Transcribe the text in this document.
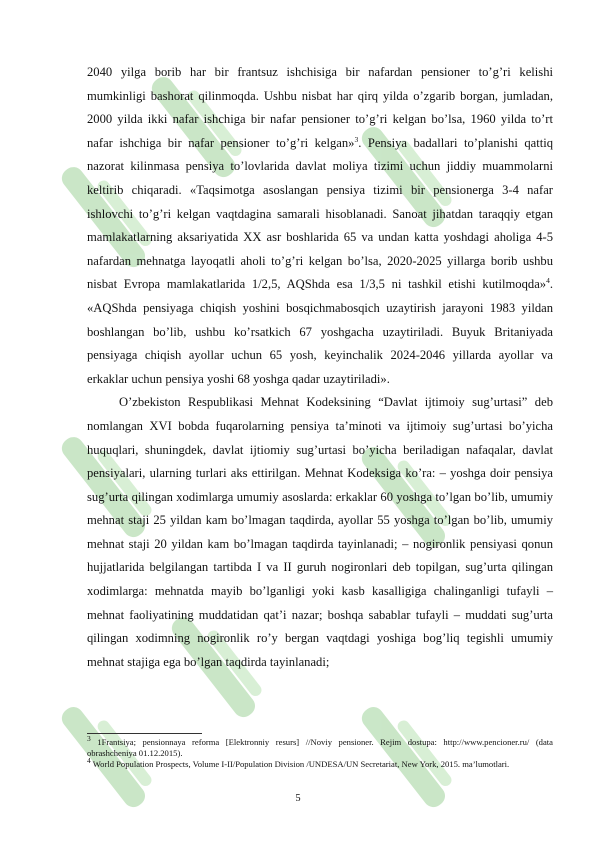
2040 yilga borib har bir frantsuz ishchisiga bir nafardan pensioner to’g’ri kelishi mumkinligi bashorat qilinmoqda. Ushbu nisbat har qirq yilda o’zgarib borgan, jumladan, 2000 yilda ikki nafar ishchiga bir nafar pensioner to’g’ri kelgan bo’lsa, 1960 yilda to’rt nafar ishchiga bir nafar pensioner to’g’ri kelgan»$^3$. Pensiya badallari to’planishi qattiq nazorat kilinmasa pensiya to’lovlarida davlat moliya tizimi uchun jiddiy muammolarni keltirib chiqaradi. «Taqsimotga asoslangan pensiya tizimi bir pensionerga 3-4 nafar ishlovchi to’g’ri kelgan vaqtdagina samarali hisoblanadi. Sanoat jihatdan taraqqiy etgan mamlakatlarning aksariyatida XX asr boshlarida 65 va undan katta yoshdagi aholiga 4-5 nafardan mehnatga layoqatli aholi to’g’ri kelgan bo’lsa, 2020-2025 yillarga borib ushbu nisbat Evropa mamlakatlarida 1/2,5, AQShda esa 1/3,5 ni tashkil etishi kutilmoqda»$^4$. «AQShda pensiyaga chiqish yoshini bosqichmabosqich uzaytirish jarayoni 1983 yildan boshlangan bo’lib, ushbu ko’rsatkich 67 yoshgacha uzaytiriladi. Buyuk Britaniyada pensiyaga chiqish ayollar uchun 65 yosh, keyinchalik 2024-2046 yillarda ayollar va erkaklar uchun pensiya yoshi 68 yoshga qadar uzaytiriladi».

O’zbekiston Respublikasi Mehnat Kodeksining “Davlat ijtimoiy sug’urtasi” deb nomlangan XVI bobda fuqarolarning pensiya ta’minoti va ijtimoiy sug’urtasi bo’yicha huquqlari, shuningdek, davlat ijtiomiy sug’urtasi bo’yicha beriladigan nafaqalar, davlat pensiyalari, ularning turlari aks ettirilgan. Mehnat Kodeksiga ko’ra: – yoshga doir pensiya sug’urta qilingan xodimlarga umumiy asoslarda: erkaklar 60 yoshga to’lgan bo’lib, umumiy mehnat staji 25 yildan kam bo’lmagan taqdirda, ayollar 55 yoshga to’lgan bo’lib, umumiy mehnat staji 20 yildan kam bo’lmagan taqdirda tayinlanadi; – nogironlik pensiyasi qonun hujjatlarida belgilangan tartibda I va II guruh nogironlari deb topilgan, sug’urta qilingan xodimlarga: mehnatda mayib bo’lganligi yoki kasb kasalligiga chalinganligi tufayli – mehnat faoliyatining muddatidan qat’i nazar; boshqa sabablar tufayli – muddati sug’urta qilingan xodimning nogironlik ro’y bergan vaqtdagi yoshiga bog’liq tegishli umumiy mehnat stajiga ega bo’lgan taqdirda tayinlanadi;

$^3$ 1Frantsiya; pensionnaya reforma [Elektronniy resurs] //Noviy pensioner. Rejim dostupa: http://www.pencioner.ru/ (data obrashcheniya 01.12.2015).

$^4$ World Population Prospects, Volume I-II/Population Division /UNDESA/UN Secretariat, New York, 2015. ma’lumotlari.

5
